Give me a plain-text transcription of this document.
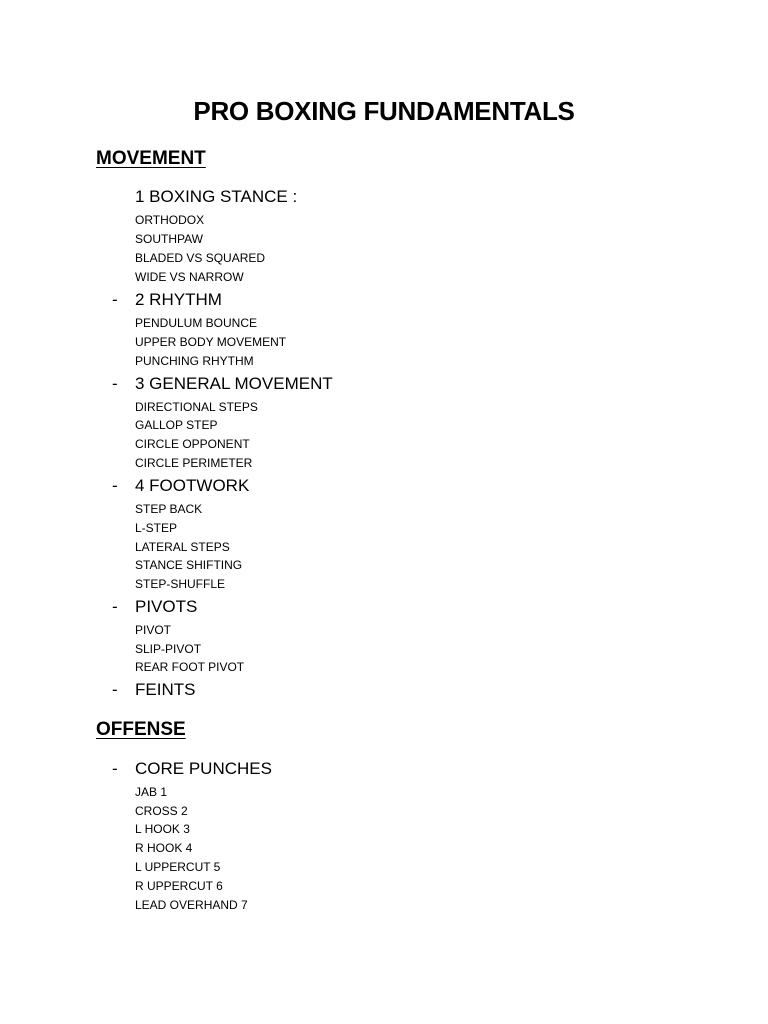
PRO BOXING FUNDAMENTALS
MOVEMENT
1 BOXING STANCE :
ORTHODOX
SOUTHPAW
BLADED VS SQUARED
WIDE VS NARROW
- 2 RHYTHM
PENDULUM BOUNCE
UPPER BODY MOVEMENT
PUNCHING RHYTHM
- 3 GENERAL MOVEMENT
DIRECTIONAL STEPS
GALLOP STEP
CIRCLE OPPONENT
CIRCLE PERIMETER
- 4 FOOTWORK
STEP BACK
L-STEP
LATERAL STEPS
STANCE SHIFTING
STEP-SHUFFLE
- PIVOTS
PIVOT
SLIP-PIVOT
REAR FOOT PIVOT
- FEINTS
OFFENSE
- CORE PUNCHES
JAB 1
CROSS 2
L HOOK 3
R HOOK 4
L UPPERCUT 5
R UPPERCUT 6
LEAD OVERHAND 7
